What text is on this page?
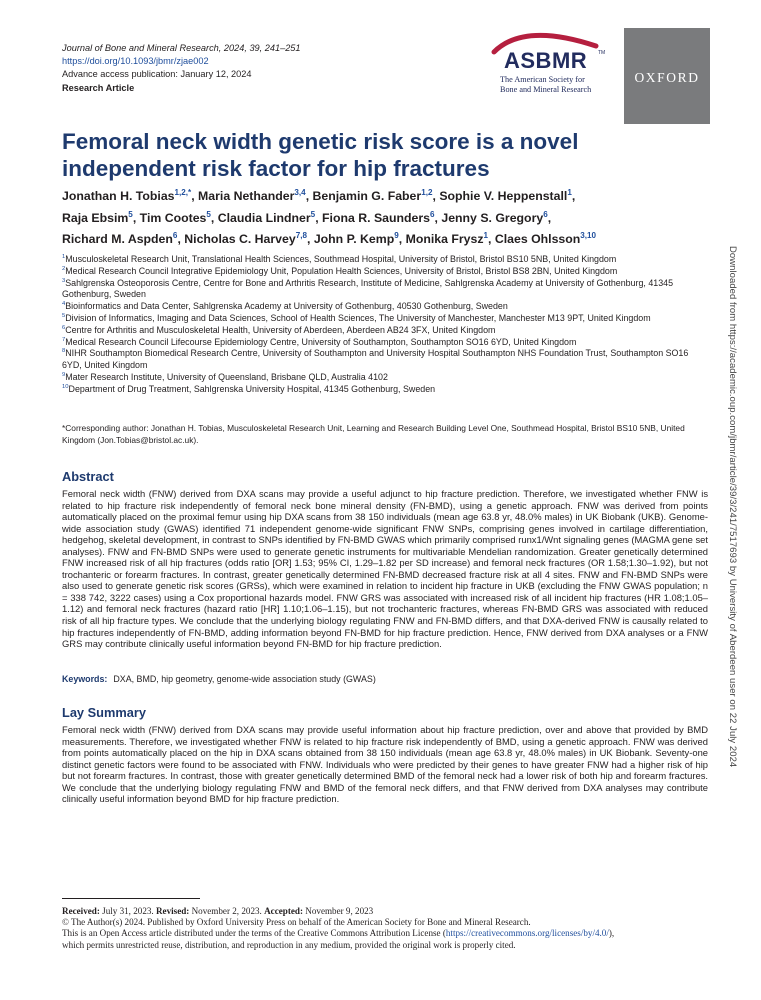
Journal of Bone and Mineral Research, 2024, 39, 241–251
https://doi.org/10.1093/jbmr/zjae002
Advance access publication: January 12, 2024
Research Article
ASBMR TM
The American Society for
Bone and Mineral Research
OXFORD
Femoral neck width genetic risk score is a novel
independent risk factor for hip fractures
Jonathan H. Tobias$^{1,2,*}$, Maria Nethander$^{3,4}$, Benjamin G. Faber$^{1,2}$, Sophie V. Heppenstall$^1$,
Raja Ebsim$^5$, Tim Cootes$^5$, Claudia Lindner$^5$, Fiona R. Saunders$^6$, Jenny S. Gregory$^6$,
Richard M. Aspden$^6$, Nicholas C. Harvey$^{7,8}$, John P. Kemp$^9$, Monika Frysz$^1$, Claes Ohlsson$^{3,10}$
$^1$Musculoskeletal Research Unit, Translational Health Sciences, Southmead Hospital, University of Bristol, Bristol BS10 5NB, United Kingdom
$^2$Medical Research Council Integrative Epidemiology Unit, Population Health Sciences, University of Bristol, Bristol BS8 2BN, United Kingdom
$^3$Sahlgrenska Osteoporosis Centre, Centre for Bone and Arthritis Research, Institute of Medicine, Sahlgrenska Academy at University of Gothenburg, 41345 Gothenburg, Sweden
$^4$Bioinformatics and Data Center, Sahlgrenska Academy at University of Gothenburg, 40530 Gothenburg, Sweden
$^5$Division of Informatics, Imaging and Data Sciences, School of Health Sciences, The University of Manchester, Manchester M13 9PT, United Kingdom
$^6$Centre for Arthritis and Musculoskeletal Health, University of Aberdeen, Aberdeen AB24 3FX, United Kingdom
$^7$Medical Research Council Lifecourse Epidemiology Centre, University of Southampton, Southampton SO16 6YD, United Kingdom
$^8$NIHR Southampton Biomedical Research Centre, University of Southampton and University Hospital Southampton NHS Foundation Trust, Southampton SO16 6YD, United Kingdom
$^9$Mater Research Institute, University of Queensland, Brisbane QLD, Australia 4102
$^{10}$Department of Drug Treatment, Sahlgrenska University Hospital, 41345 Gothenburg, Sweden
*Corresponding author: Jonathan H. Tobias, Musculoskeletal Research Unit, Learning and Research Building Level One, Southmead Hospital, Bristol BS10 5NB, United Kingdom (Jon.Tobias@bristol.ac.uk).	Downloaded from https://academic.oup.com/jbmr/article/39/3/241/7517693 by University of Aberdeen user on 22 July 2024
Abstract

Femoral neck width (FNW) derived from DXA scans may provide a useful adjunct to hip fracture prediction. Therefore, we investigated whether FNW is related to hip fracture risk independently of femoral neck bone mineral density (FN-BMD), using a genetic approach. FNW was derived from points automatically placed on the proximal femur using hip DXA scans from 38 150 individuals (mean age 63.8 yr, 48.0% males) in UK Biobank (UKB). Genome-wide association study (GWAS) identified 71 independent genome-wide significant FNW SNPs, comprising genes involved in cartilage differentiation, hedgehog, skeletal development, in contrast to SNPs identified by FN-BMD GWAS which primarily comprised runx1/Wnt signaling genes (MAGMA gene set analyses). FNW and FN-BMD SNPs were used to generate genetic instruments for multivariable Mendelian randomization. Greater genetically determined FNW increased risk of all hip fractures (odds ratio [OR] 1.53; 95% CI, 1.29–1.82 per SD increase) and femoral neck fractures (OR 1.58;1.30–1.92), but not trochanteric or forearm fractures. In contrast, greater genetically determined FN-BMD decreased fracture risk at all 4 sites. FNW and FN-BMD SNPs were also used to generate genetic risk scores (GRSs), which were examined in relation to incident hip fracture in UKB (excluding the FNW GWAS population; n = 338 742, 3222 cases) using a Cox proportional hazards model. FNW GRS was associated with increased risk of all incident hip fractures (HR 1.08;1.05–1.12) and femoral neck fractures (hazard ratio [HR] 1.10;1.06–1.15), but not trochanteric fractures, whereas FN-BMD GRS was associated with reduced risk of all hip fracture types. We conclude that the underlying biology regulating FNW and FN-BMD differs, and that DXA-derived FNW is causally related to hip fractures independently of FN-BMD, adding information beyond FN-BMD for hip fracture prediction. Hence, FNW derived from DXA analyses or a FNW GRS may contribute clinically useful information beyond FN-BMD for hip fracture prediction.

Keywords: DXA, BMD, hip geometry, genome-wide association study (GWAS)
Lay Summary

Femoral neck width (FNW) derived from DXA scans may provide useful information about hip fracture prediction, over and above that provided by BMD measurements. Therefore, we investigated whether FNW is related to hip fracture risk independently of BMD, using a genetic approach. FNW was derived from points automatically placed on the hip in DXA scans obtained from 38 150 individuals (mean age 63.8 yr, 48.0% males) in UK Biobank. Seventy-one distinct genetic factors were found to be associated with FNW. Individuals who were predicted by their genes to have greater FNW had a higher risk of hip but not forearm fractures. In contrast, those with greater genetically determined BMD of the femoral neck had a lower risk of both hip and forearm fractures. We conclude that the underlying biology regulating FNW and BMD of the femoral neck differs, and that FNW derived from DXA analyses may contribute clinically useful information beyond BMD for hip fracture prediction.

Received: July 31, 2023. Revised: November 2, 2023. Accepted: November 9, 2023
© The Author(s) 2024. Published by Oxford University Press on behalf of the American Society for Bone and Mineral Research.
This is an Open Access article distributed under the terms of the Creative Commons Attribution License (https://creativecommons.org/licenses/by/4.0/),
which permits unrestricted reuse, distribution, and reproduction in any medium, provided the original work is properly cited.
